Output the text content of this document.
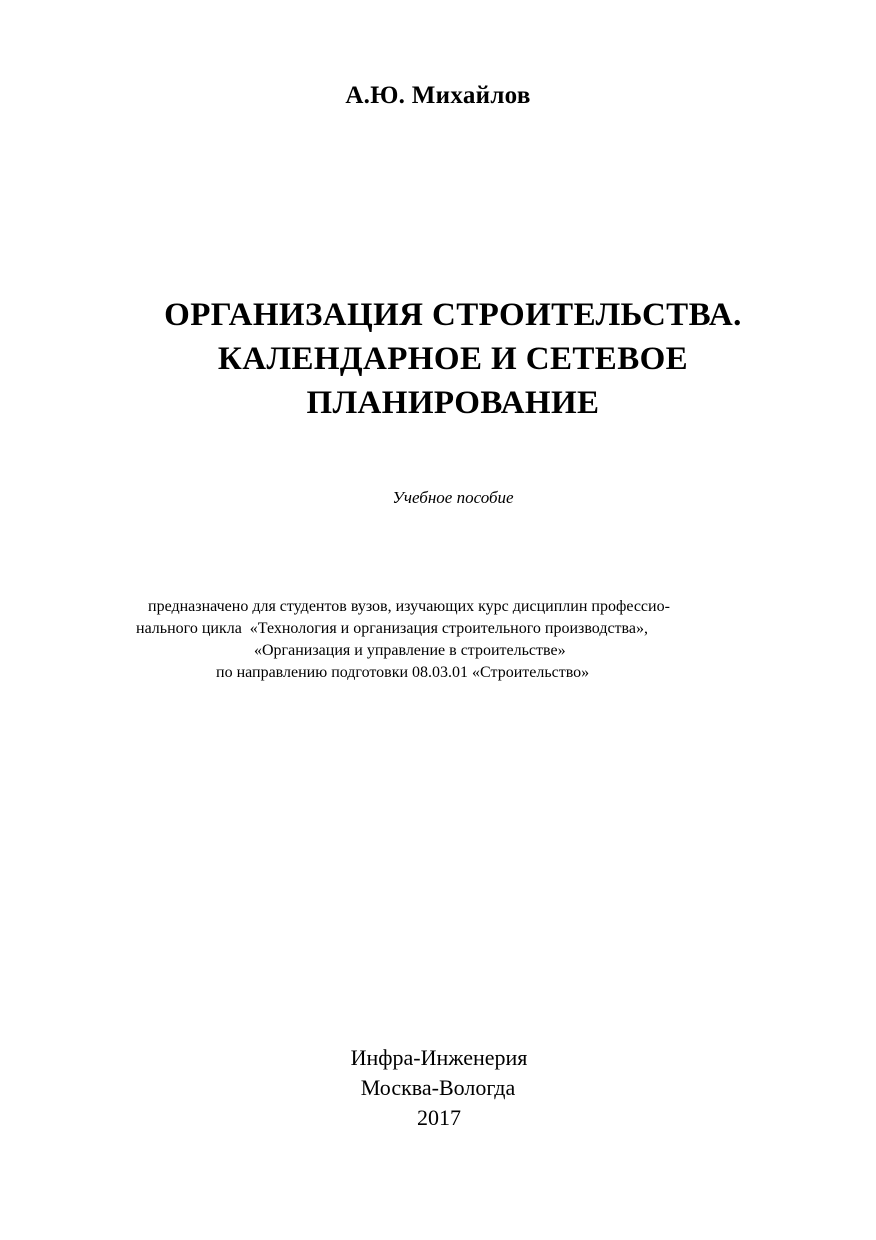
А.Ю. Михайлов
ОРГАНИЗАЦИЯ СТРОИТЕЛЬСТВА.
КАЛЕНДАРНОЕ И СЕТЕВОЕ
ПЛАНИРОВАНИЕ
Учебное пособие
предназначено для студентов вузов, изучающих курс дисциплин профессио-
нального цикла  «Технология и организация строительного производства»,
«Организация и управление в строительстве»
по направлению подготовки 08.03.01 «Строительство»
Инфра-Инженерия
Москва-Вологда
2017
